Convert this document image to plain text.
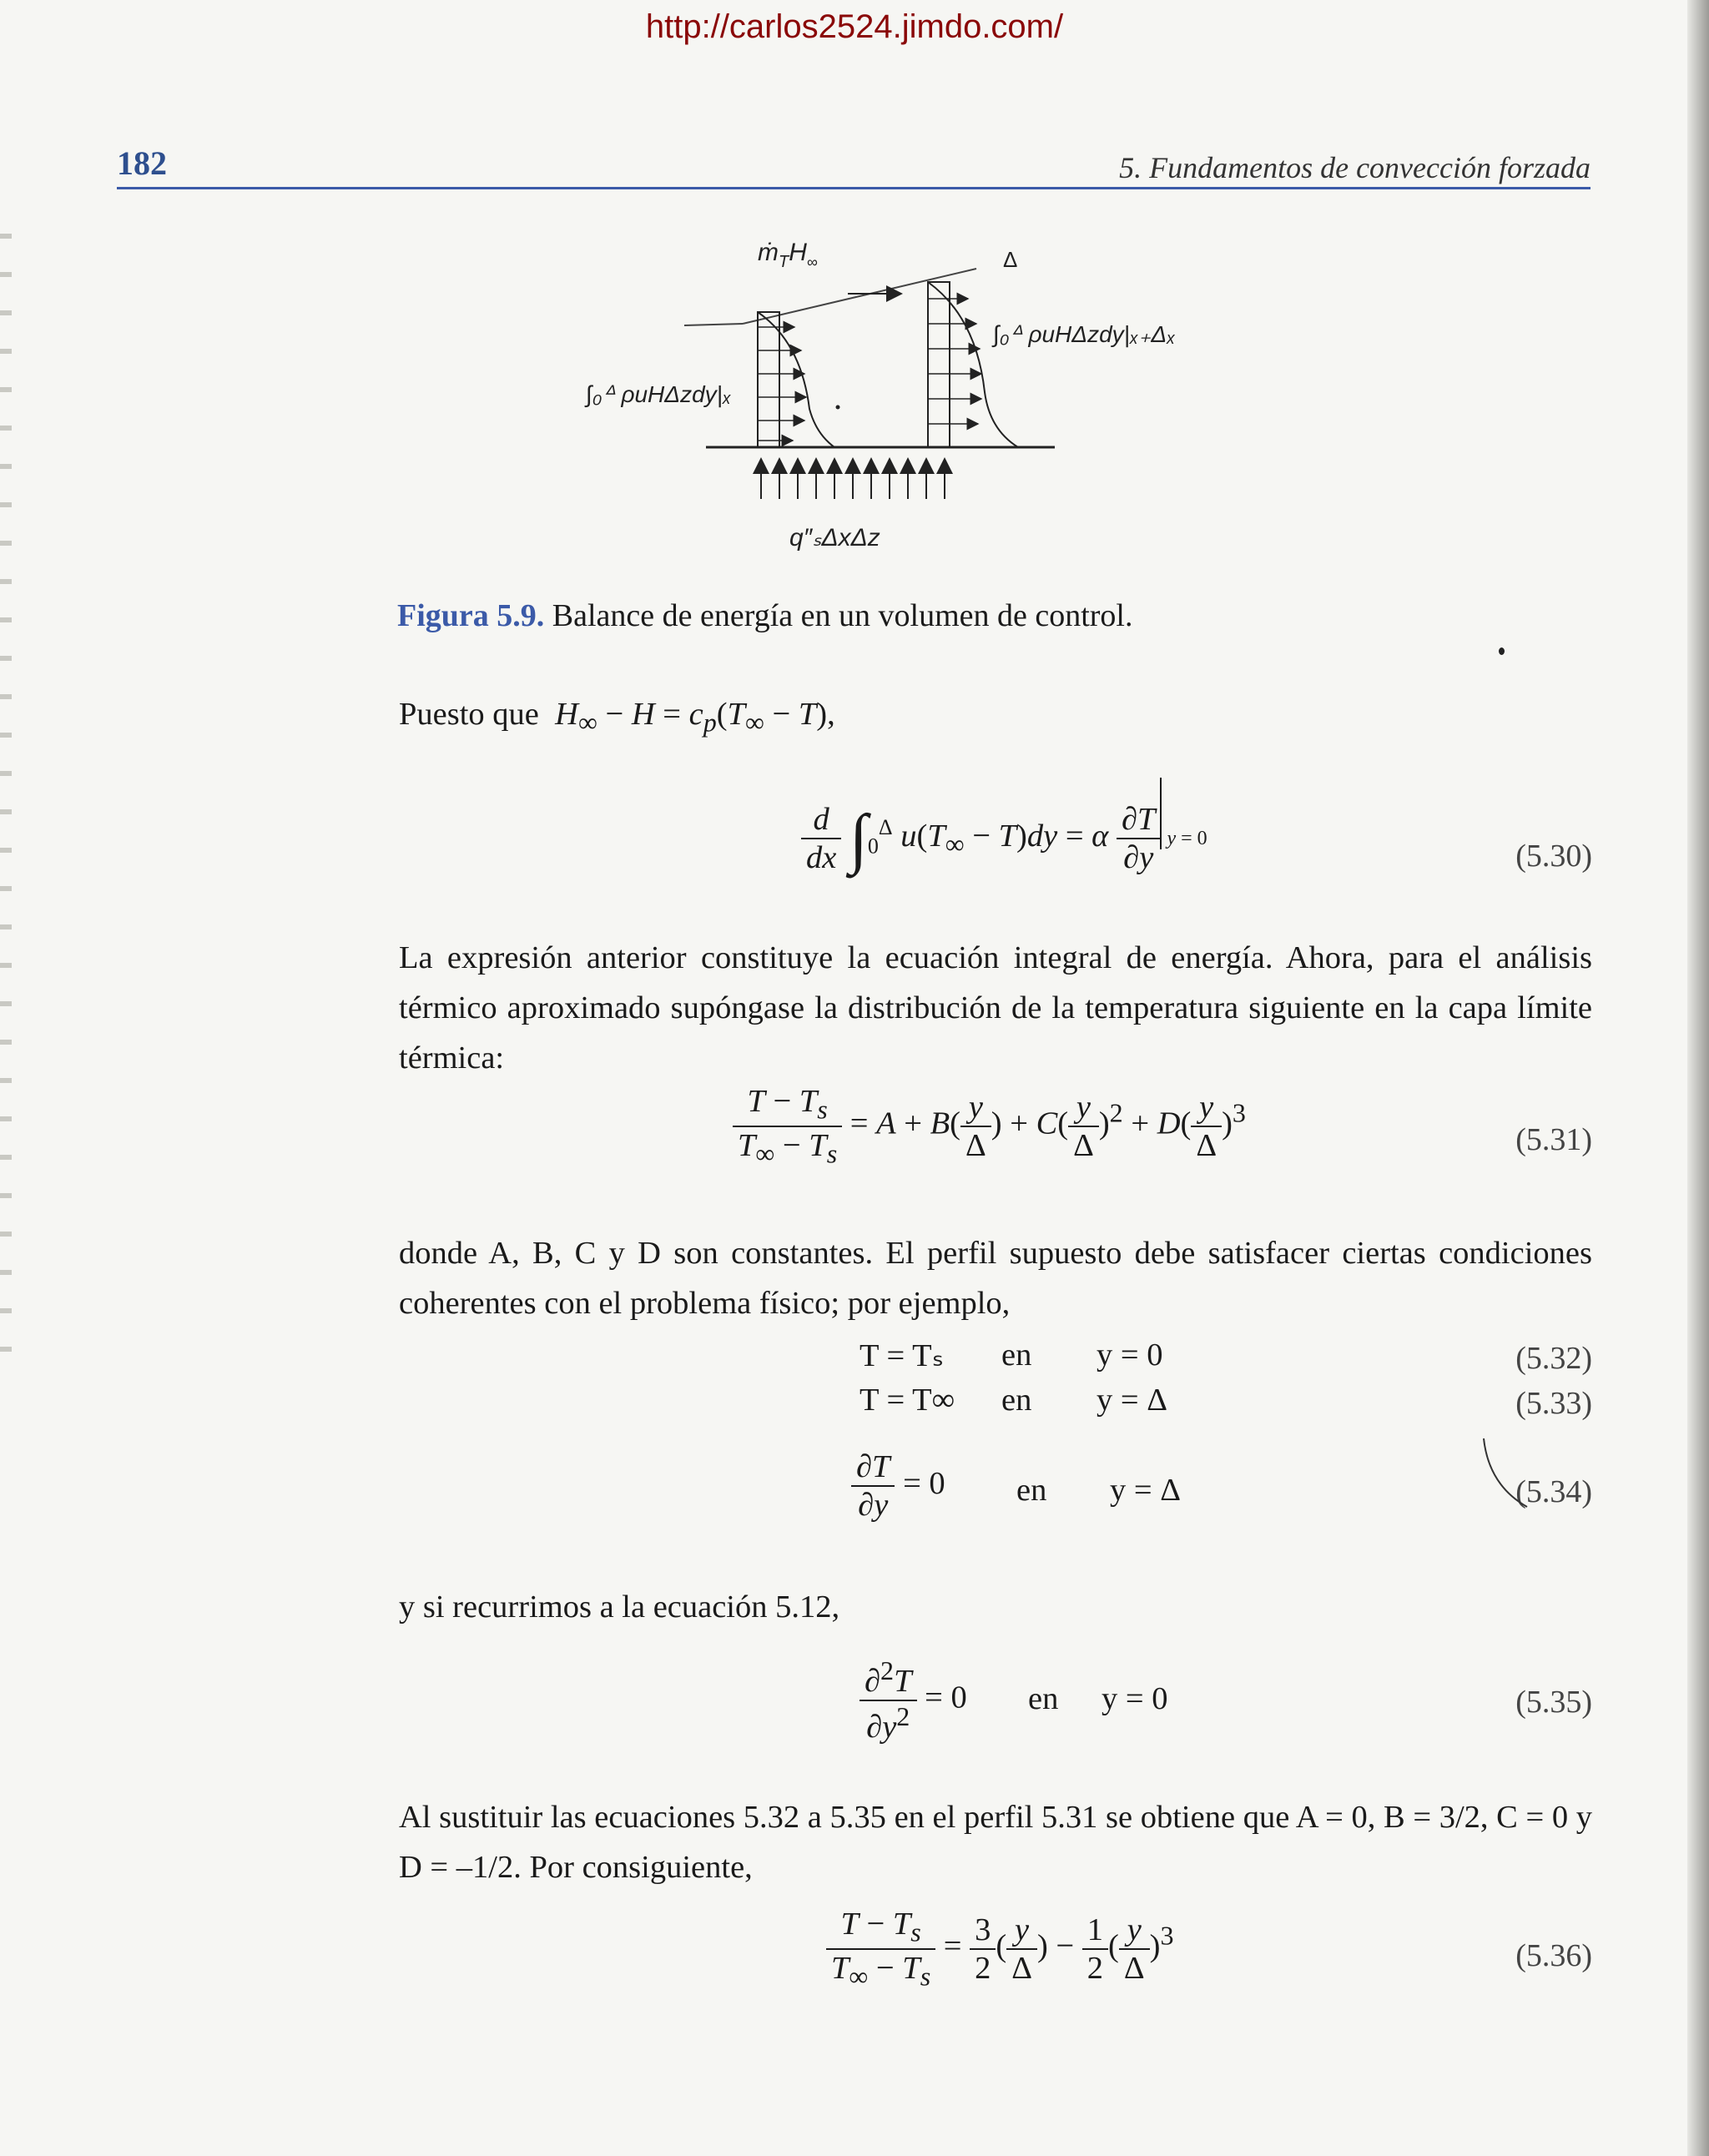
http://carlos2524.jimdo.com/
182	5. Fundamentos de convección forzada
$ṁ_TH_\infty$	Δ
∫₀ᐞ ρuHΔzdy|ₓ₊Δₓ
∫₀ᐞ ρuHΔzdy|ₓ
q″ₛΔxΔz
Figura 5.9. Balance de energía en un volumen de control.
Puesto que $H_\infty - H = c_p(T_\infty - T)$,
$\frac{d}{dx} \int_0^\Delta$ $u(T_\infty - T)dy = \alpha \frac{\partial T}{\partial y}$ y = 0
(5.30)

La expresión anterior constituye la ecuación integral de energía. Ahora, para el análisis térmico aproximado supóngase la distribución de la temperatura siguiente en la capa límite térmica:

$\frac{T - T_s}{T_\infty - T_s} = A + B( \frac{y}{\Delta}$ ) + $C( \frac{y}{\Delta} )^2 + D( \frac{y}{\Delta} )^3$
(5.31)

donde A, B, C y D son constantes. El perfil supuesto debe satisfacer ciertas condiciones coherentes con el problema físico; por ejemplo,

T = Tₛ en y = 0	(5.32)
T = T∞ en y = Δ	(5.33)
$\frac{\partial T}{\partial y} = 0$ en y = Δ	(5.34)

y si recurrimos a la ecuación 5.12,

$\frac{\partial^2T}{\partial y^2} = 0$ en y = 0	(5.35)

Al sustituir las ecuaciones 5.32 a 5.35 en el perfil 5.31 se obtiene que A = 0, B = 3/2, C = 0 y D = –1/2. Por consiguiente,

$\frac{T - T_s}{T_\infty - T_s} = \frac{3}{2}$ ( $\frac{y}{\Delta}$ ) − $\frac{1}{2}$ ( $\frac{y}{\Delta} )^3$
(5.36)
